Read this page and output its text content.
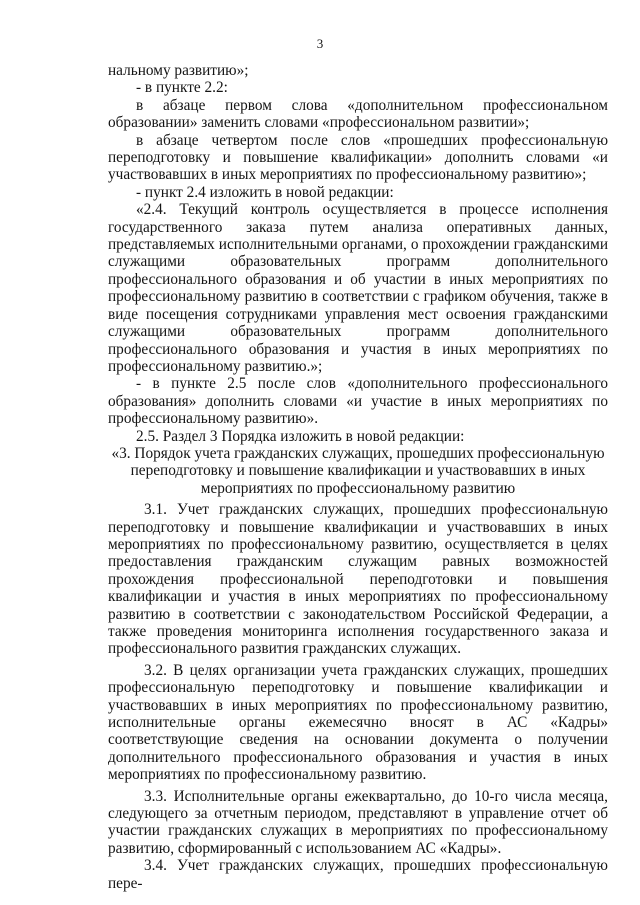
3
нальному развитию»;
- в пункте 2.2:
в абзаце первом слова «дополнительном профессиональном образовании» заменить словами «профессиональном развитии»;
в абзаце четвертом после слов «прошедших профессиональную переподготовку и повышение квалификации» дополнить словами «и участвовавших в иных мероприятиях по профессиональному развитию»;
- пункт 2.4 изложить в новой редакции:
«2.4. Текущий контроль осуществляется в процессе исполнения государственного заказа путем анализа оперативных данных, представляемых исполнительными органами, о прохождении гражданскими служащими образовательных программ дополнительного профессионального образования и об участии в иных мероприятиях по профессиональному развитию в соответствии с графиком обучения, также в виде посещения сотрудниками управления мест освоения гражданскими служащими образовательных программ дополнительного профессионального образования и участия в иных мероприятиях по профессиональному развитию.»;
- в пункте 2.5 после слов «дополнительного профессионального образования» дополнить словами «и участие в иных мероприятиях по профессиональному развитию».
2.5. Раздел 3 Порядка изложить в новой редакции:
«3. Порядок учета гражданских служащих, прошедших профессиональную переподготовку и повышение квалификации и участвовавших в иных мероприятиях по профессиональному развитию
3.1. Учет гражданских служащих, прошедших профессиональную переподготовку и повышение квалификации и участвовавших в иных мероприятиях по профессиональному развитию, осуществляется в целях предоставления гражданским служащим равных возможностей прохождения профессиональной переподготовки и повышения квалификации и участия в иных мероприятиях по профессиональному развитию в соответствии с законодательством Российской Федерации, а также проведения мониторинга исполнения государственного заказа и профессионального развития гражданских служащих.
3.2. В целях организации учета гражданских служащих, прошедших профессиональную переподготовку и повышение квалификации и участвовавших в иных мероприятиях по профессиональному развитию, исполнительные органы ежемесячно вносят в АС «Кадры» соответствующие сведения на основании документа о получении дополнительного профессионального образования и участия в иных мероприятиях по профессиональному развитию.
3.3. Исполнительные органы ежеквартально, до 10-го числа месяца, следующего за отчетным периодом, представляют в управление отчет об участии гражданских служащих в мероприятиях по профессиональному развитию, сформированный с использованием АС «Кадры».
3.4. Учет гражданских служащих, прошедших профессиональную пере-
